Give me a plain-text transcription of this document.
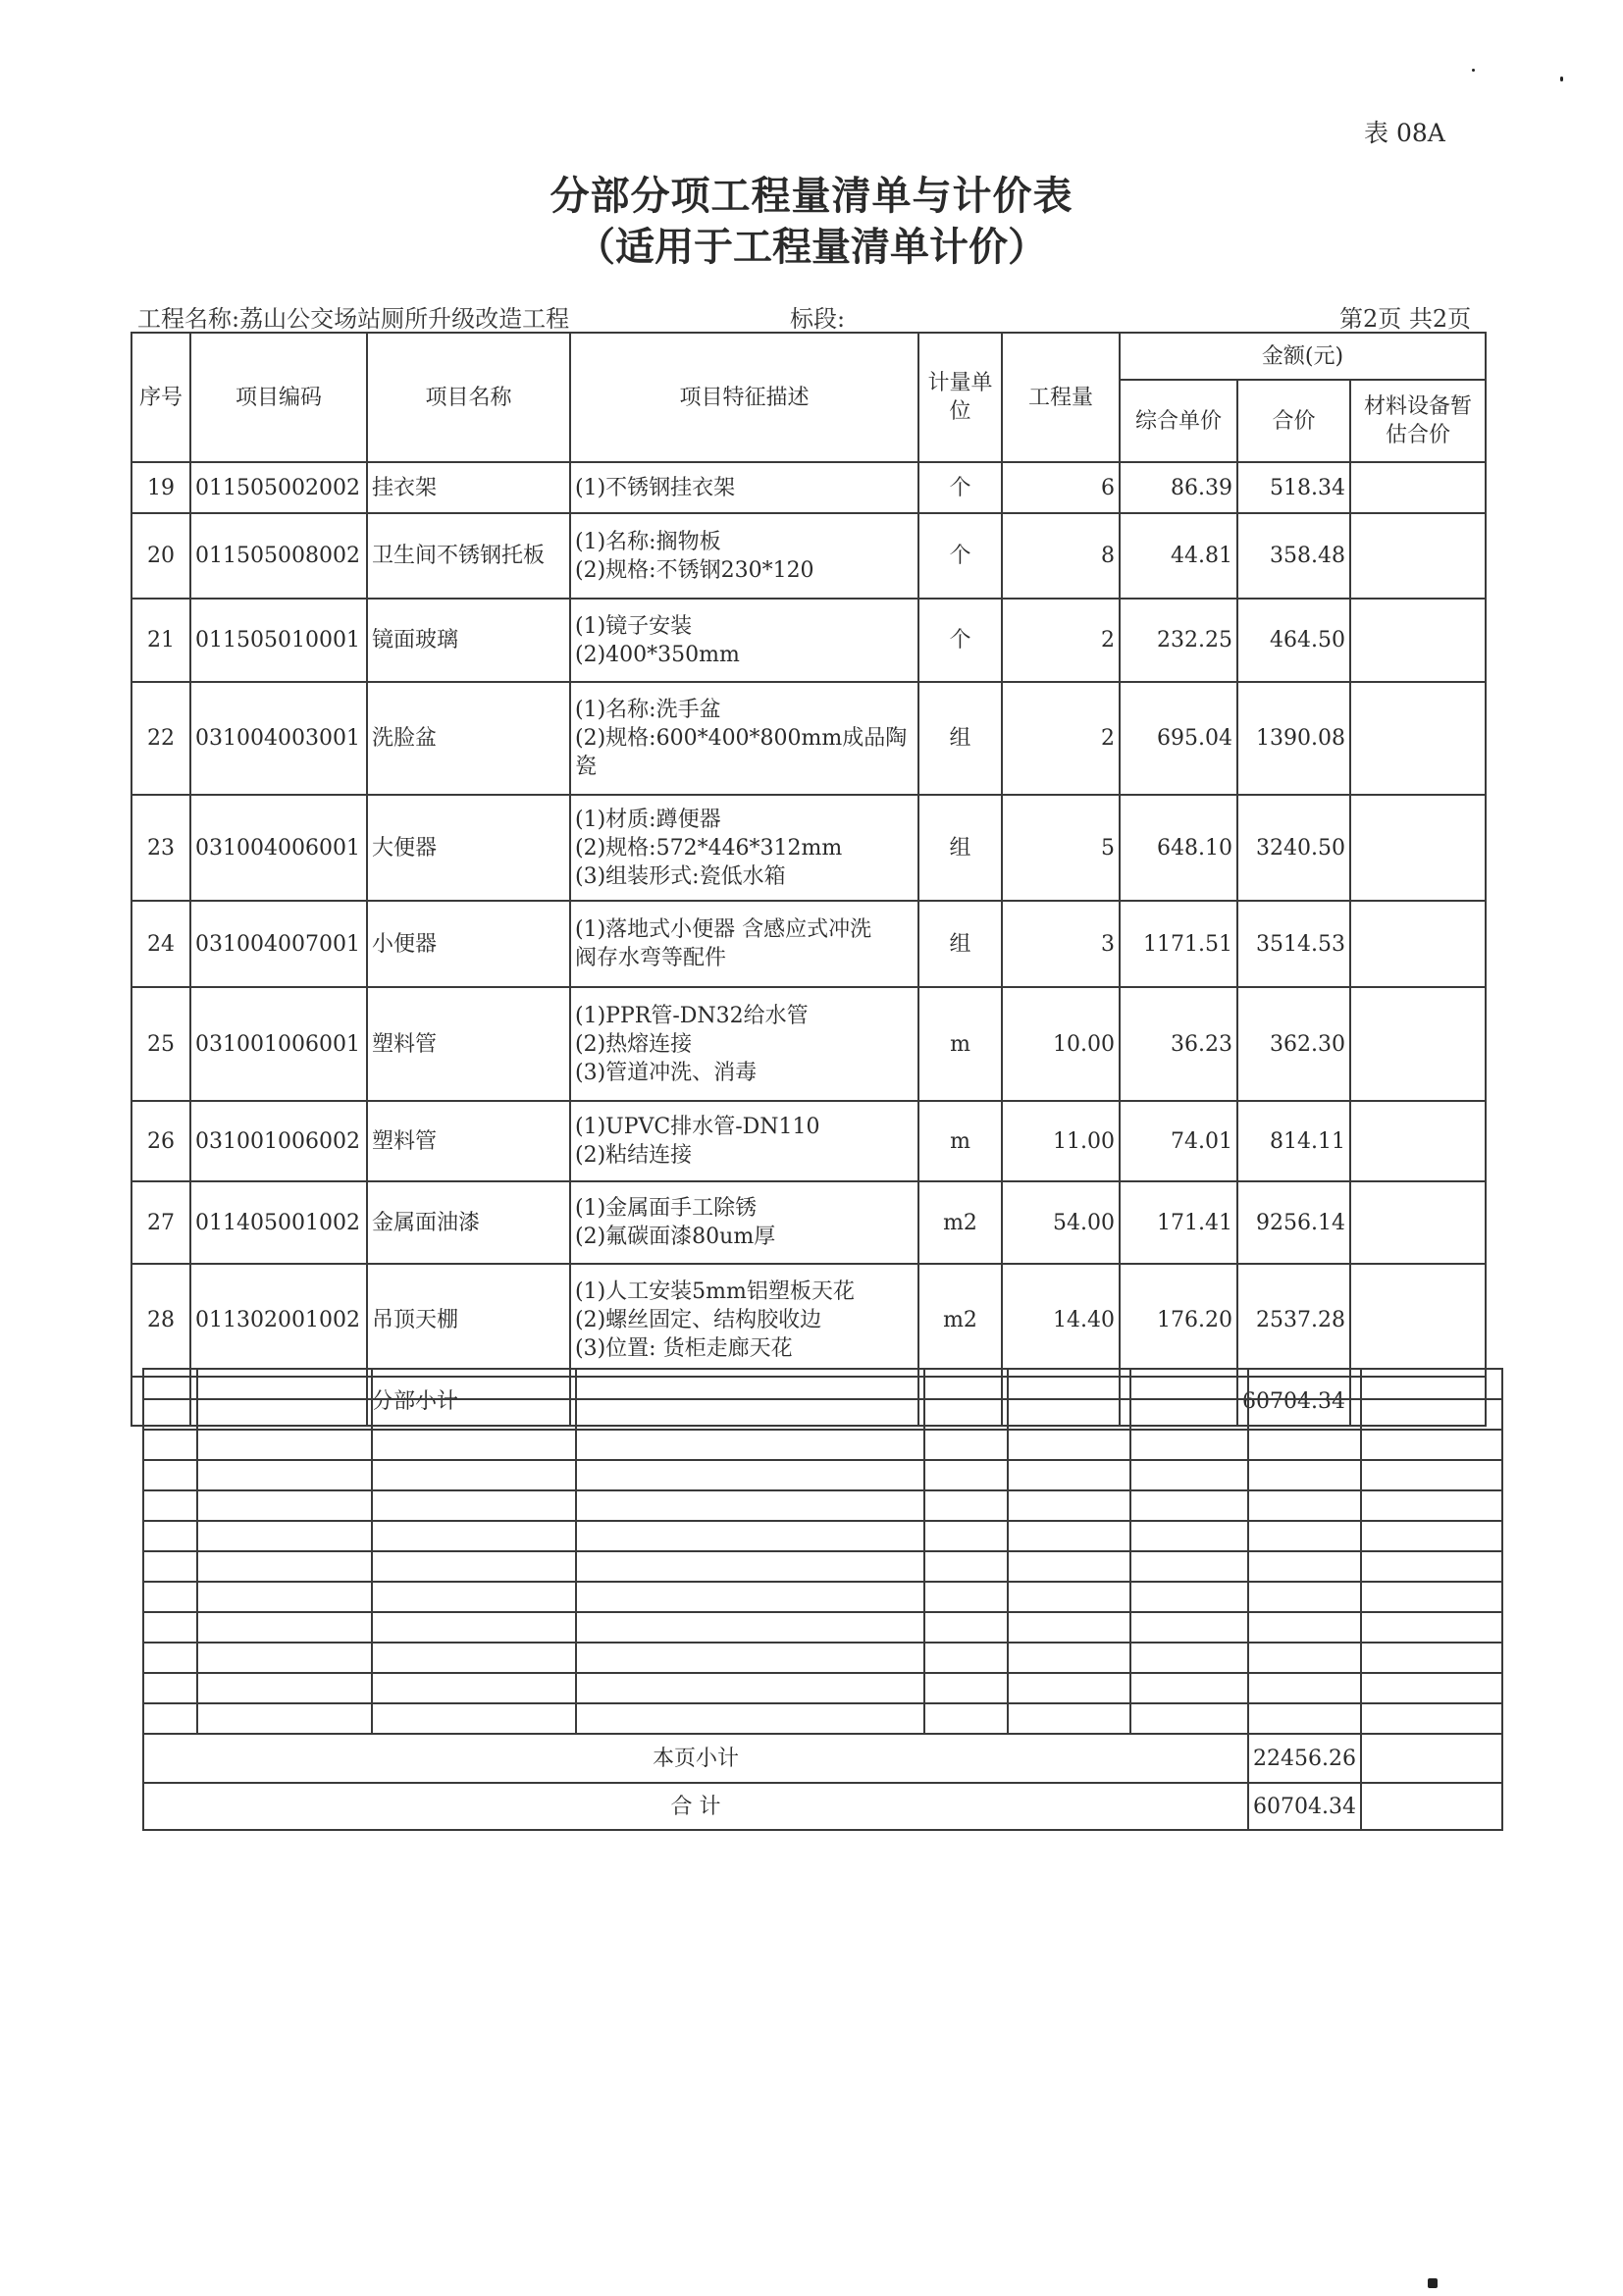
表 08A
分部分项工程量清单与计价表
（适用于工程量清单计价）
工程名称:荔山公交场站厕所升级改造工程	标段:	第2页 共2页
序号	项目编码	项目名称	项目特征描述	计量单位	工程量	金额(元)		
						综合单价	合价	材料设备暂估合价
19	011505002002	挂衣架	(1)不锈钢挂衣架	个	6	86.39	518.34	
20	011505008002	卫生间不锈钢托板	(1)名称:搁物板
(2)规格:不锈钢230*120	个	8	44.81	358.48	
21	011505010001	镜面玻璃	(1)镜子安装
(2)400*350mm	个	2	232.25	464.50	
22	031004003001	洗脸盆	(1)名称:洗手盆
(2)规格:600*400*800mm成品陶
瓷	组	2	695.04	1390.08	
23	031004006001	大便器	(1)材质:蹲便器
(2)规格:572*446*312mm
(3)组装形式:瓷低水箱	组	5	648.10	3240.50	
24	031004007001	小便器	(1)落地式小便器 含感应式冲洗
阀存水弯等配件	组	3	1171.51	3514.53	
25	031001006001	塑料管	(1)PPR管-DN32给水管
(2)热熔连接
(3)管道冲洗、消毒	m	10.00	36.23	362.30	
26	031001006002	塑料管	(1)UPVC排水管-DN110
(2)粘结连接	m	11.00	74.01	814.11	
27	011405001002	金属面油漆	(1)金属面手工除锈
(2)氟碳面漆80um厚	m2	54.00	171.41	9256.14	
28	011302001002	吊顶天棚	(1)人工安装5mm铝塑板天花
(2)螺丝固定、结构胶收边
(3)位置: 货柜走廊天花	m2	14.40	176.20	2537.28	
		分部小计					60704.34	

本页小计							22456.26	
合 计							60704.34	
